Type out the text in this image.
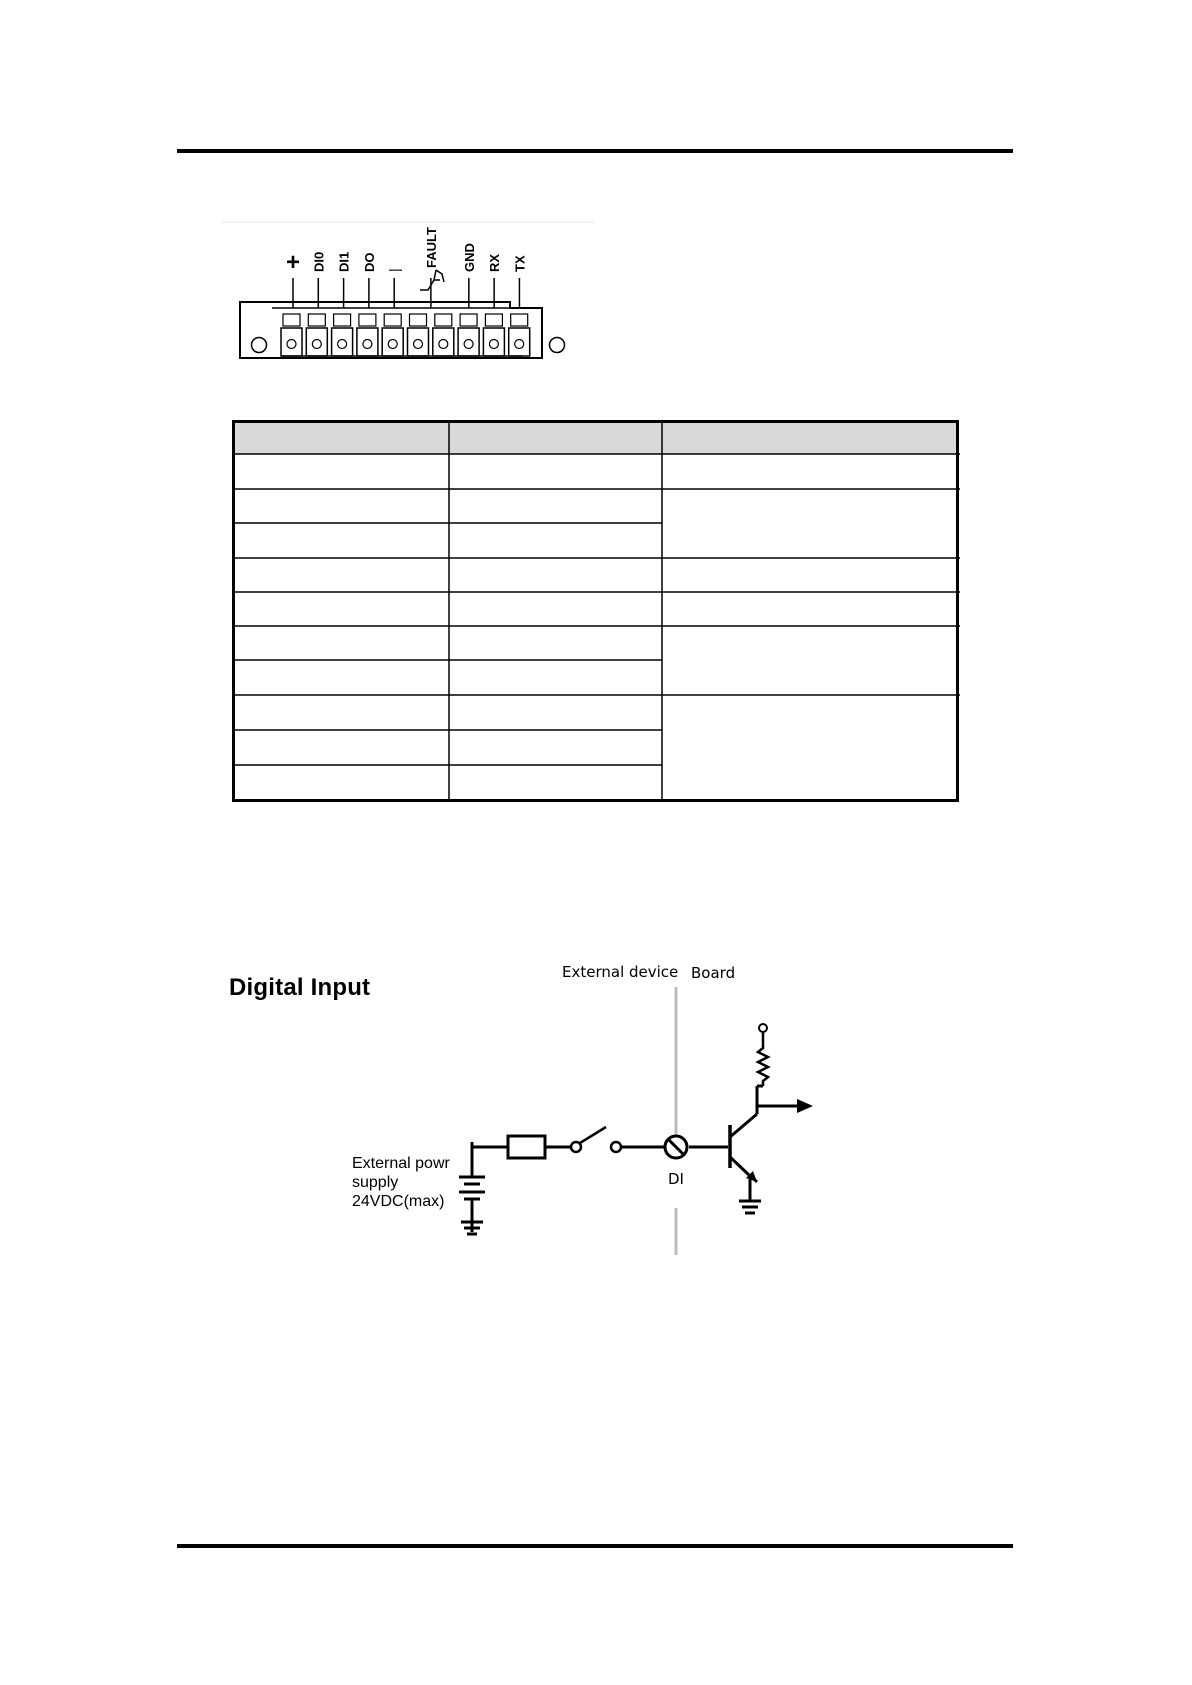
+ DI0 DI1 DO |
FAULT GND RX TX
Digital Input
External device Board
External powr
supply
24VDC(max)
DI
